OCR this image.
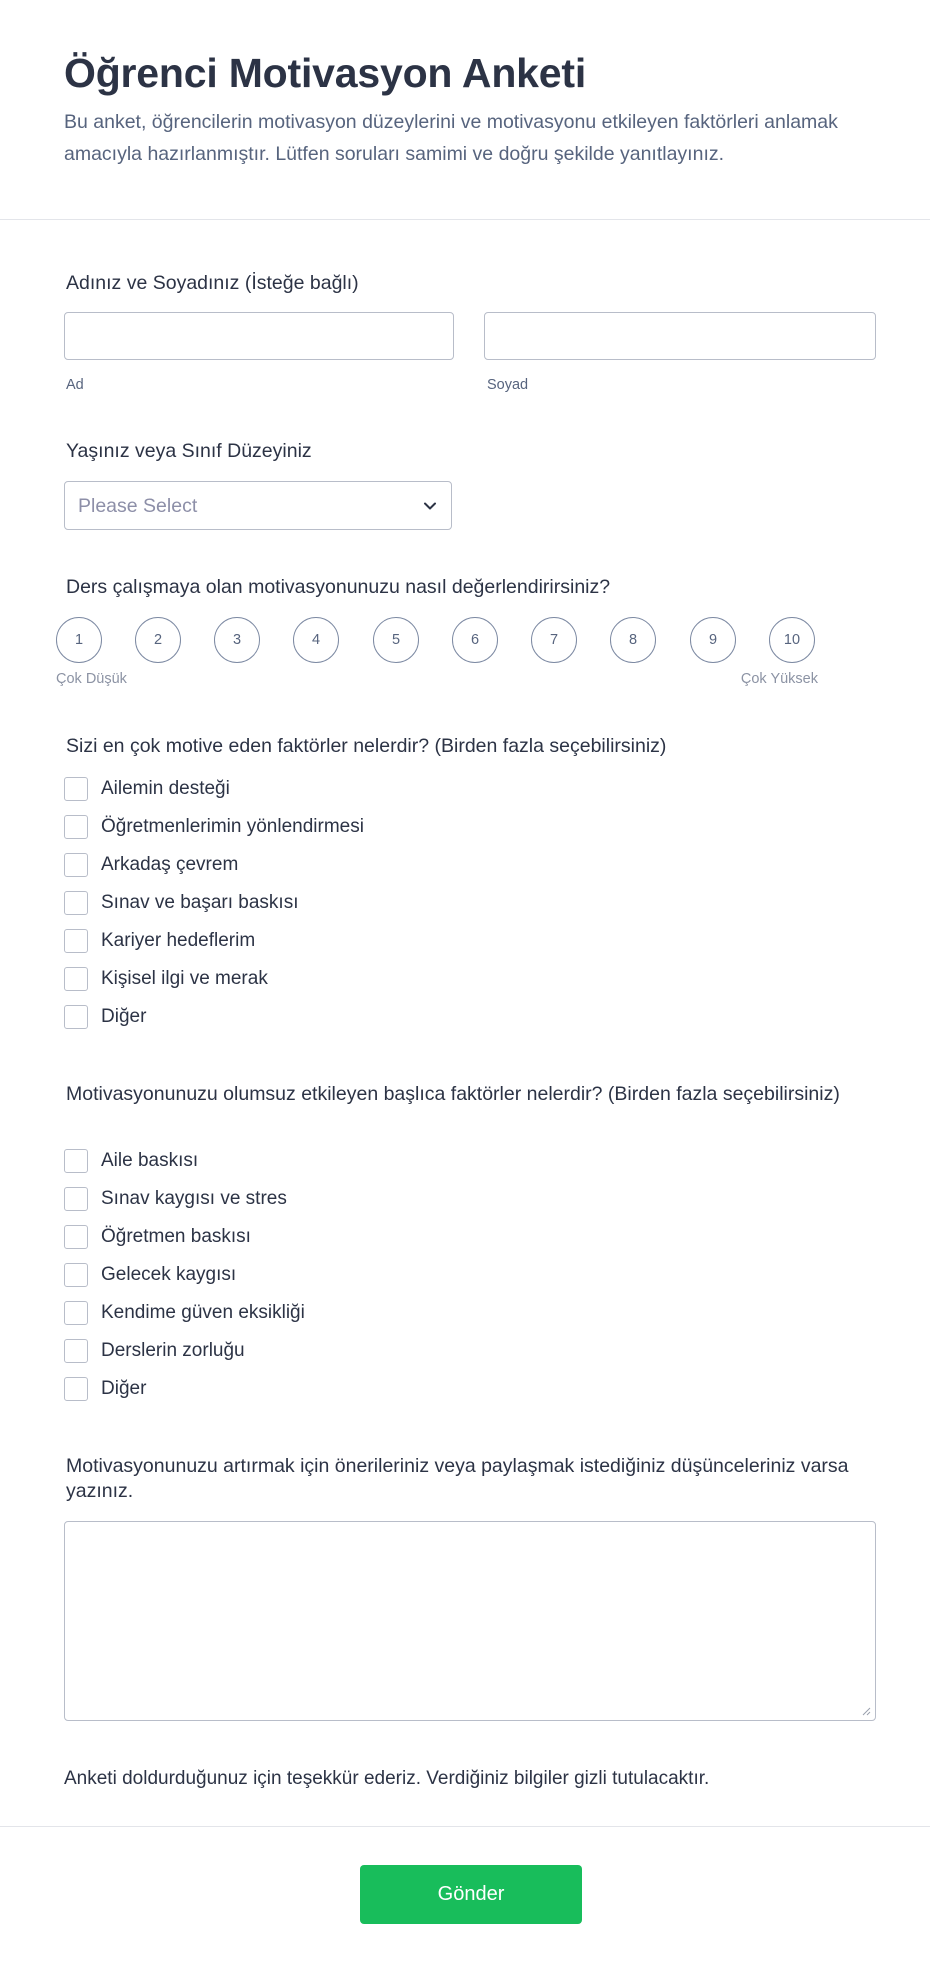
Öğrenci Motivasyon Anketi
Bu anket, öğrencilerin motivasyon düzeylerini ve motivasyonu etkileyen faktörleri anlamak amacıyla hazırlanmıştır. Lütfen soruları samimi ve doğru şekilde yanıtlayınız.
Adınız ve Soyadınız (İsteğe bağlı)
Ad	Soyad
Yaşınız veya Sınıf Düzeyiniz
Please Select
Ders çalışmaya olan motivasyonunuzu nasıl değerlendirirsiniz?
1	2	3	4	5	6	7	8	9	10
Çok Düşük	Çok Yüksek
Sizi en çok motive eden faktörler nelerdir? (Birden fazla seçebilirsiniz)
Ailemin desteği
Öğretmenlerimin yönlendirmesi
Arkadaş çevrem
Sınav ve başarı baskısı
Kariyer hedeflerim
Kişisel ilgi ve merak
Diğer
Motivasyonunuzu olumsuz etkileyen başlıca faktörler nelerdir? (Birden fazla seçebilirsiniz)
Aile baskısı
Sınav kaygısı ve stres
Öğretmen baskısı
Gelecek kaygısı
Kendime güven eksikliği
Derslerin zorluğu
Diğer
Motivasyonunuzu artırmak için önerileriniz veya paylaşmak istediğiniz düşünceleriniz varsa yazınız.
Anketi doldurduğunuz için teşekkür ederiz. Verdiğiniz bilgiler gizli tutulacaktır.
Gönder
